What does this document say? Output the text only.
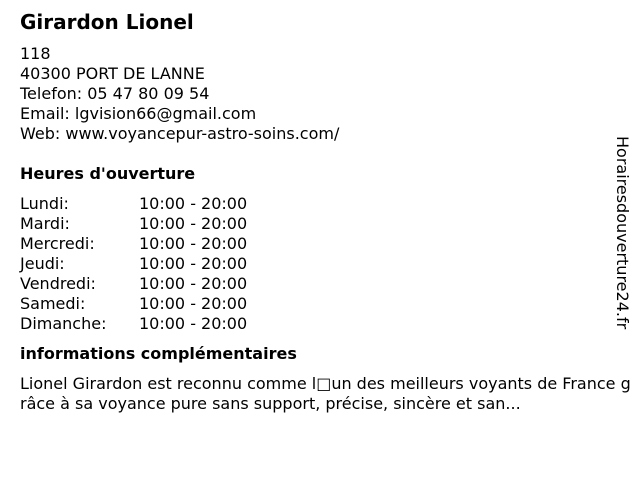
Girardon Lionel
118
40300 PORT DE LANNE
Telefon: 05 47 80 09 54
Email: lgvision66@gmail.com
Web: www.voyancepur-astro-soins.com/
Heures d'ouverture
Lundi:	10:00 - 20:00
Mardi:	10:00 - 20:00
Mercredi:	10:00 - 20:00
Jeudi:	10:00 - 20:00
Vendredi:	10:00 - 20:00
Samedi:	10:00 - 20:00
Dimanche:	10:00 - 20:00
informations complémentaires
Lionel Girardon est reconnu comme l□un des meilleurs voyants de France grâce à sa voyance pure sans support, précise, sincère et san...
Horairesdouverture24.fr
